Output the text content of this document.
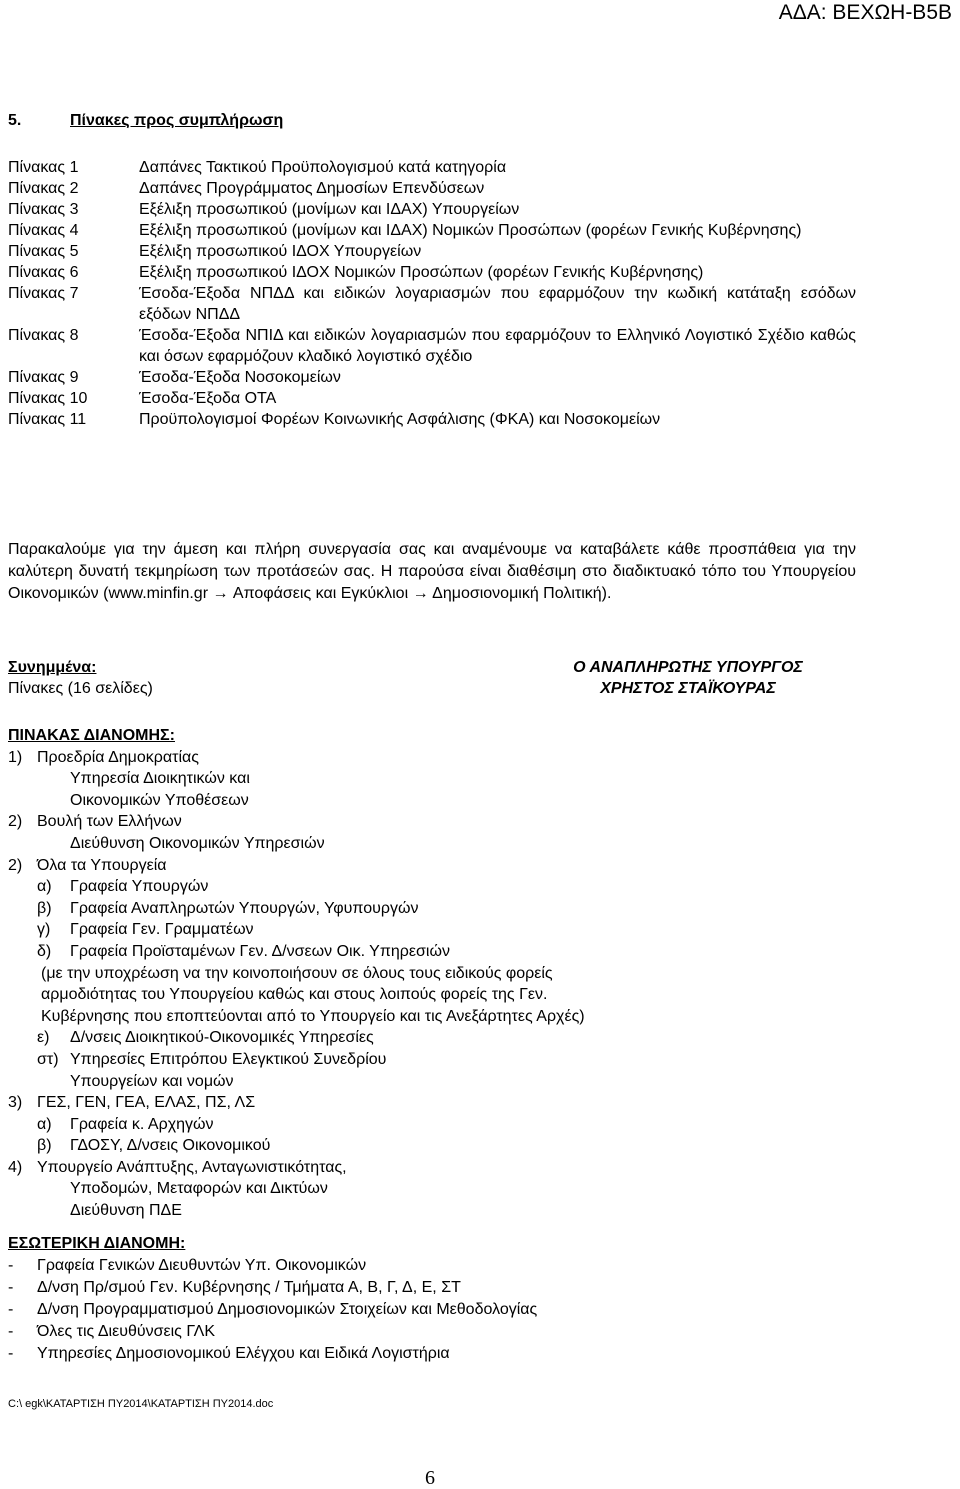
ΑΔΑ: ΒΕΧΩΗ-Β5Β
5.	Πίνακες προς συμπλήρωση
Πίνακας 1	Δαπάνες Τακτικού Προϋπολογισμού κατά κατηγορία
Πίνακας 2	Δαπάνες Προγράμματος Δημοσίων Επενδύσεων
Πίνακας 3	Εξέλιξη προσωπικού (μονίμων και ΙΔΑΧ) Υπουργείων
Πίνακας 4	Εξέλιξη προσωπικού (μονίμων και ΙΔΑΧ) Νομικών Προσώπων (φορέων Γενικής Κυβέρνησης)
Πίνακας 5	Εξέλιξη προσωπικού ΙΔΟΧ Υπουργείων
Πίνακας 6	Εξέλιξη προσωπικού ΙΔΟΧ Νομικών Προσώπων (φορέων Γενικής Κυβέρνησης)
Πίνακας 7	Έσοδα-Έξοδα ΝΠΔΔ και ειδικών λογαριασμών που εφαρμόζουν την κωδική κατάταξη εσόδων εξόδων ΝΠΔΔ
Πίνακας 8	Έσοδα-Έξοδα ΝΠΙΔ και ειδικών λογαριασμών που εφαρμόζουν το Ελληνικό Λογιστικό Σχέδιο καθώς και όσων εφαρμόζουν κλαδικό λογιστικό σχέδιο
Πίνακας 9	Έσοδα-Έξοδα Νοσοκομείων
Πίνακας 10	Έσοδα-Έξοδα ΟΤΑ
Πίνακας 11	Προϋπολογισμοί Φορέων Κοινωνικής Ασφάλισης (ΦΚΑ) και Νοσοκομείων
Παρακαλούμε για την άμεση και πλήρη συνεργασία σας και αναμένουμε να καταβάλετε κάθε προσπάθεια για την καλύτερη δυνατή τεκμηρίωση των προτάσεών σας. Η παρούσα είναι διαθέσιμη στο διαδικτυακό τόπο του Υπουργείου Οικονομικών (www.minfin.gr → Αποφάσεις και Εγκύκλιοι → Δημοσιονομική Πολιτική).
Συνημμένα:
Πίνακες (16 σελίδες)
Ο ΑΝΑΠΛΗΡΩΤΗΣ ΥΠΟΥΡΓΟΣ
ΧΡΗΣΤΟΣ ΣΤΑΪΚΟΥΡΑΣ
ΠΙΝΑΚΑΣ ΔΙΑΝΟΜΗΣ:
1) Προεδρία Δημοκρατίας
Υπηρεσία Διοικητικών και
Οικονομικών Υποθέσεων
2) Βουλή των Ελλήνων
Διεύθυνση Οικονομικών Υπηρεσιών
2) Όλα τα Υπουργεία
α) Γραφεία Υπουργών
β) Γραφεία Αναπληρωτών Υπουργών, Υφυπουργών
γ) Γραφεία Γεν. Γραμματέων
δ) Γραφεία Προϊσταμένων Γεν. Δ/νσεων Οικ. Υπηρεσιών
(με την υποχρέωση να την κοινοποιήσουν σε όλους τους ειδικούς φορείς
αρμοδιότητας του Υπουργείου καθώς και στους λοιπούς φορείς της Γεν.
Κυβέρνησης που εποπτεύονται από το Υπουργείο και τις Ανεξάρτητες Αρχές)
ε) Δ/νσεις Διοικητικού-Οικονομικές Υπηρεσίες
στ) Υπηρεσίες Επιτρόπου Ελεγκτικού Συνεδρίου
Υπουργείων και νομών
3) ΓΕΣ, ΓΕΝ, ΓΕΑ, ΕΛΑΣ, ΠΣ, ΛΣ
α) Γραφεία κ. Αρχηγών
β) ΓΔΟΣΥ, Δ/νσεις Οικονομικού
4) Υπουργείο Ανάπτυξης, Ανταγωνιστικότητας,
Υποδομών, Μεταφορών και Δικτύων
Διεύθυνση ΠΔΕ
ΕΣΩΤΕΡΙΚΗ ΔΙΑΝΟΜΗ:
- Γραφεία Γενικών Διευθυντών Υπ. Οικονομικών
- Δ/νση Πρ/σμού Γεν. Κυβέρνησης / Τμήματα Α, Β, Γ, Δ, Ε, ΣΤ
- Δ/νση Προγραμματισμού Δημοσιονομικών Στοιχείων και Μεθοδολογίας
- Όλες τις Διευθύνσεις ΓΛΚ
- Υπηρεσίες Δημοσιονομικού Ελέγχου και Ειδικά Λογιστήρια
C:\ egk\ΚΑΤΑΡΤΙΣΗ ΠΥ2014\ΚΑΤΑΡΤΙΣΗ ΠΥ2014.doc
6
